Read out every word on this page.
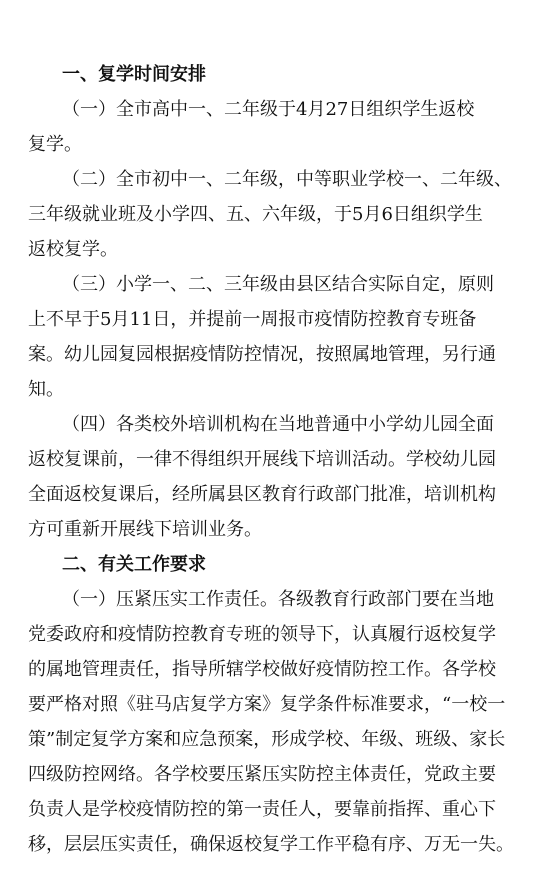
一、复学时间安排
（一）全市高中一、二年级于4月27日组织学生返校
复学。
（二）全市初中一、二年级，中等职业学校一、二年级、
三年级就业班及小学四、五、六年级，于5月6日组织学生
返校复学。
（三）小学一、二、三年级由县区结合实际自定，原则
上不早于5月11日，并提前一周报市疫情防控教育专班备
案。幼儿园复园根据疫情防控情况，按照属地管理，另行通
知。
（四）各类校外培训机构在当地普通中小学幼儿园全面
返校复课前，一律不得组织开展线下培训活动。学校幼儿园
全面返校复课后，经所属县区教育行政部门批准，培训机构
方可重新开展线下培训业务。
二、有关工作要求
（一）压紧压实工作责任。各级教育行政部门要在当地
党委政府和疫情防控教育专班的领导下，认真履行返校复学
的属地管理责任，指导所辖学校做好疫情防控工作。各学校
要严格对照《驻马店复学方案》复学条件标准要求，“一校一
策”制定复学方案和应急预案，形成学校、年级、班级、家长
四级防控网络。各学校要压紧压实防控主体责任，党政主要
负责人是学校疫情防控的第一责任人，要靠前指挥、重心下
移，层层压实责任，确保返校复学工作平稳有序、万无一失。
